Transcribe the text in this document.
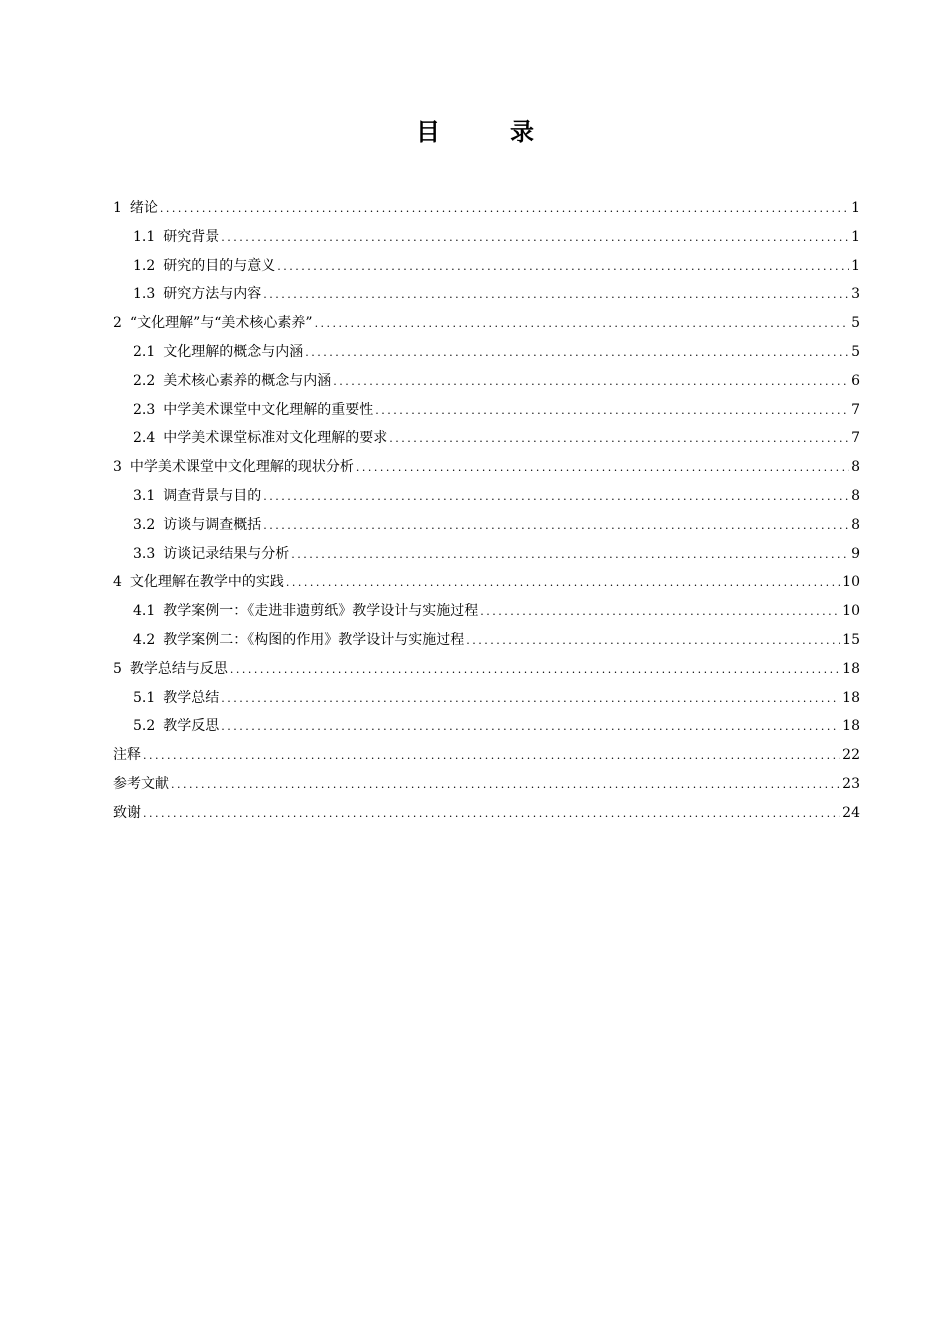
目	录
1 绪论 .....	1
1.1 研究背景 .....	1
1.2 研究的目的与意义 .....	1
1.3 研究方法与内容 .....	3
2 “文化理解”与“美术核心素养” .....	5
2.1 文化理解的概念与内涵 .....	5
2.2 美术核心素养的概念与内涵 .....	6
2.3 中学美术课堂中文化理解的重要性 .....	7
2.4 中学美术课堂标准对文化理解的要求 .....	7
3 中学美术课堂中文化理解的现状分析 .....	8
3.1 调查背景与目的 .....	8
3.2 访谈与调查概括 .....	8
3.3 访谈记录结果与分析 .....	9
4 文化理解在教学中的实践 .....	10
4.1 教学案例一：《走进非遗剪纸》教学设计与实施过程 .....	10
4.2 教学案例二：《构图的作用》教学设计与实施过程 .....	15
5 教学总结与反思 .....	18
5.1 教学总结 .....	18
5.2 教学反思 .....	18
注释 .....	22
参考文献 .....	23
致谢 .....	24
